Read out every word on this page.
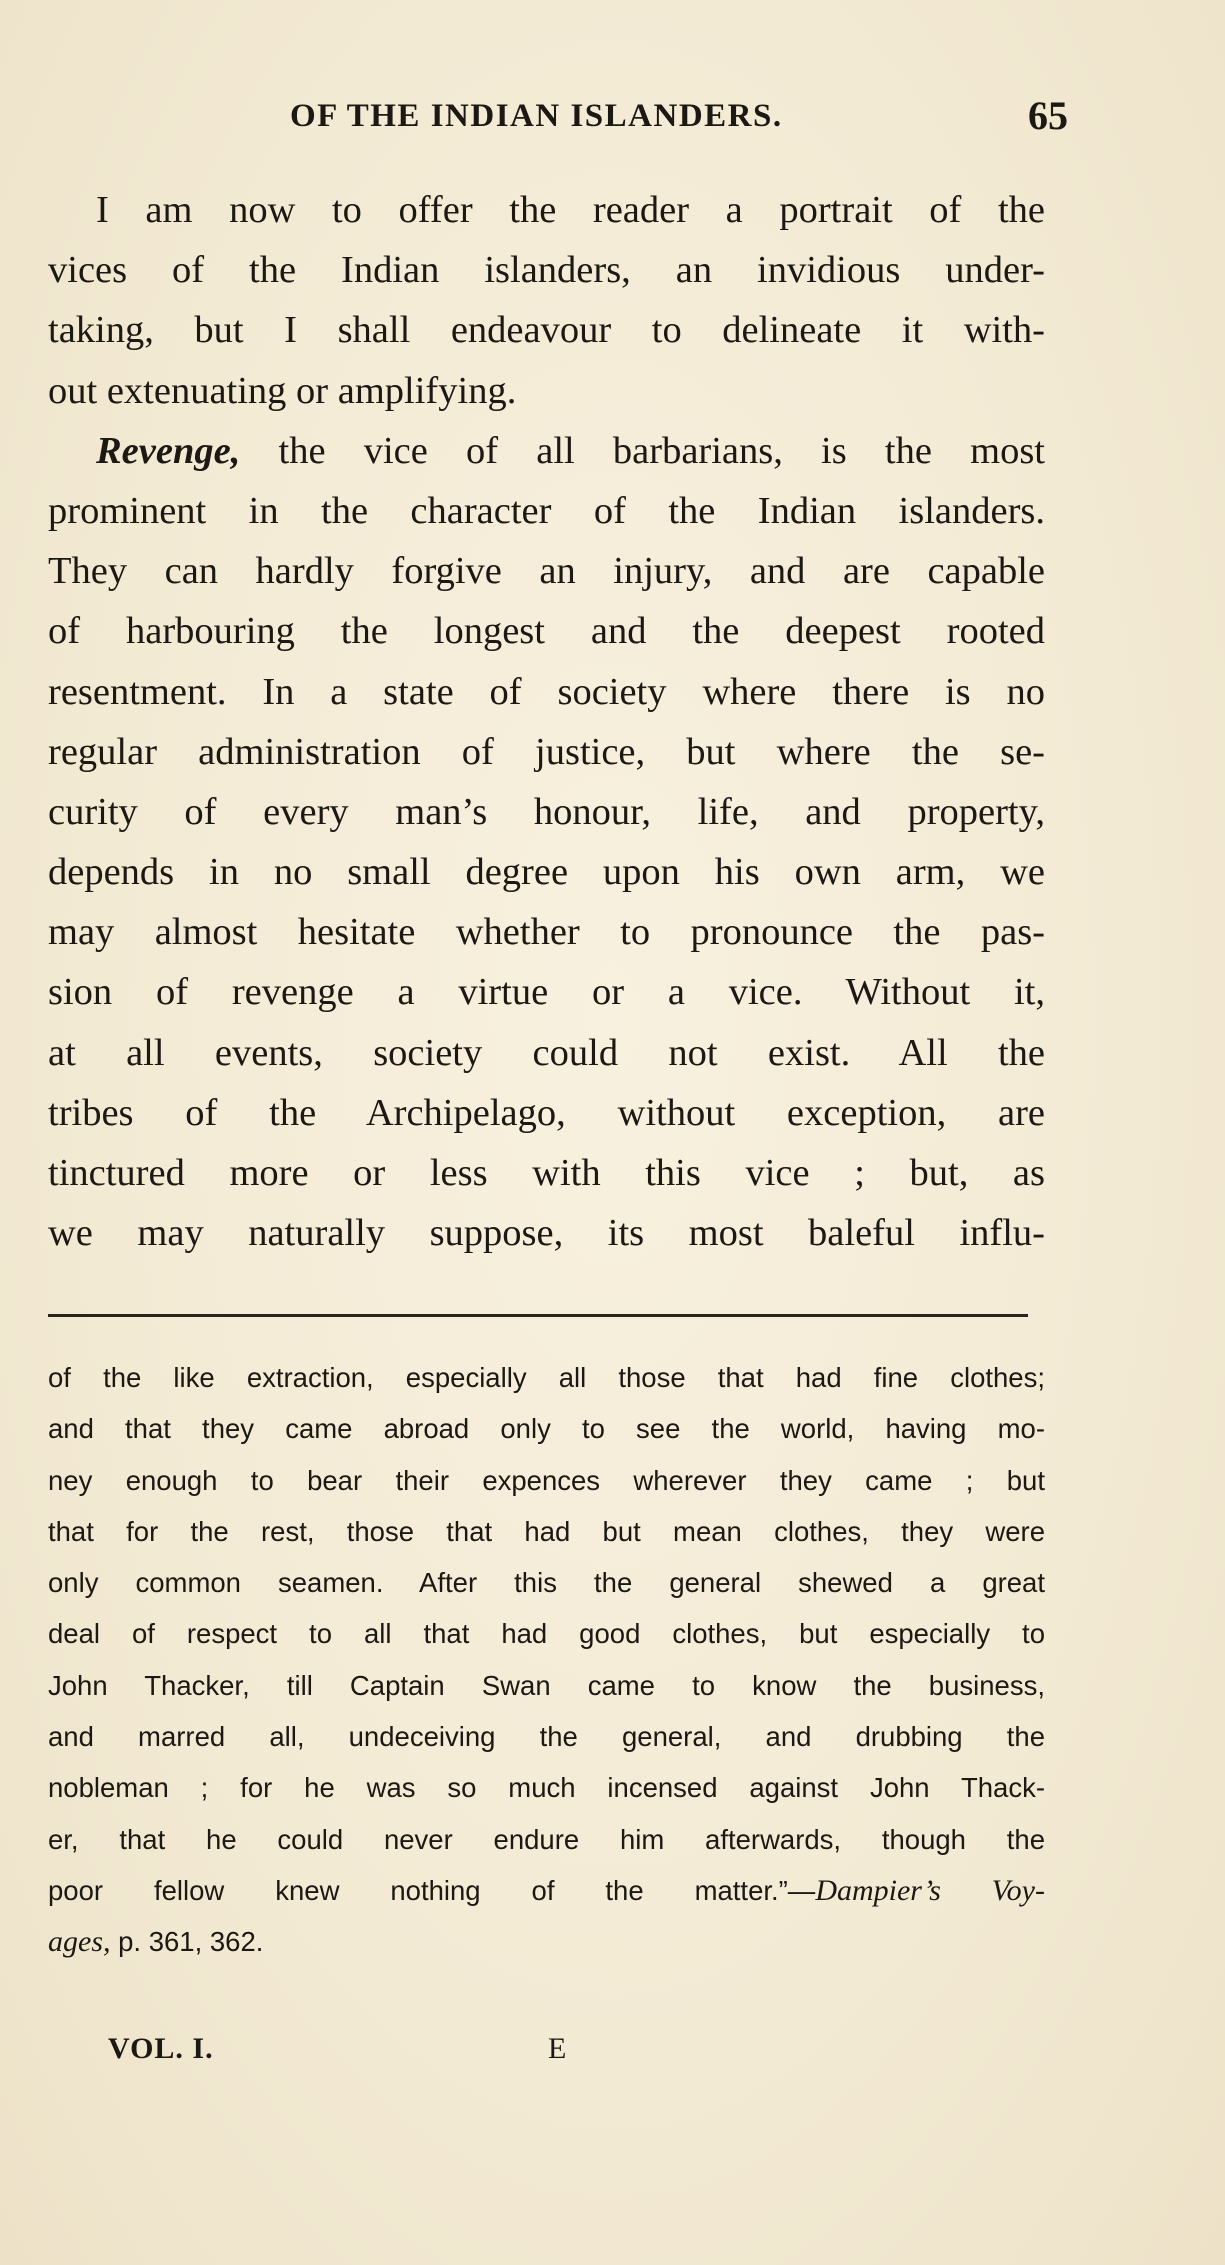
OF THE INDIAN ISLANDERS.	65
I am now to offer the reader a portrait of the
vices of the Indian islanders, an invidious under-
taking, but I shall endeavour to delineate it with-
out extenuating or amplifying.
Revenge, the vice of all barbarians, is the most
prominent in the character of the Indian islanders.
They can hardly forgive an injury, and are capable
of harbouring the longest and the deepest rooted
resentment. In a state of society where there is no
regular administration of justice, but where the se-
curity of every man’s honour, life, and property,
depends in no small degree upon his own arm, we
may almost hesitate whether to pronounce the pas-
sion of revenge a virtue or a vice. Without it,
at all events, society could not exist. All the
tribes of the Archipelago, without exception, are
tinctured more or less with this vice ; but, as
we may naturally suppose, its most baleful influ-
of the like extraction, especially all those that had fine clothes;
and that they came abroad only to see the world, having mo-
ney enough to bear their expences wherever they came ; but
that for the rest, those that had but mean clothes, they were
only common seamen. After this the general shewed a great
deal of respect to all that had good clothes, but especially to
John Thacker, till Captain Swan came to know the business,
and marred all, undeceiving the general, and drubbing the
nobleman ; for he was so much incensed against John Thack-
er, that he could never endure him afterwards, though the
poor fellow knew nothing of the matter.”—Dampier’s Voy-
ages, p. 361, 362.
VOL. I.	E
